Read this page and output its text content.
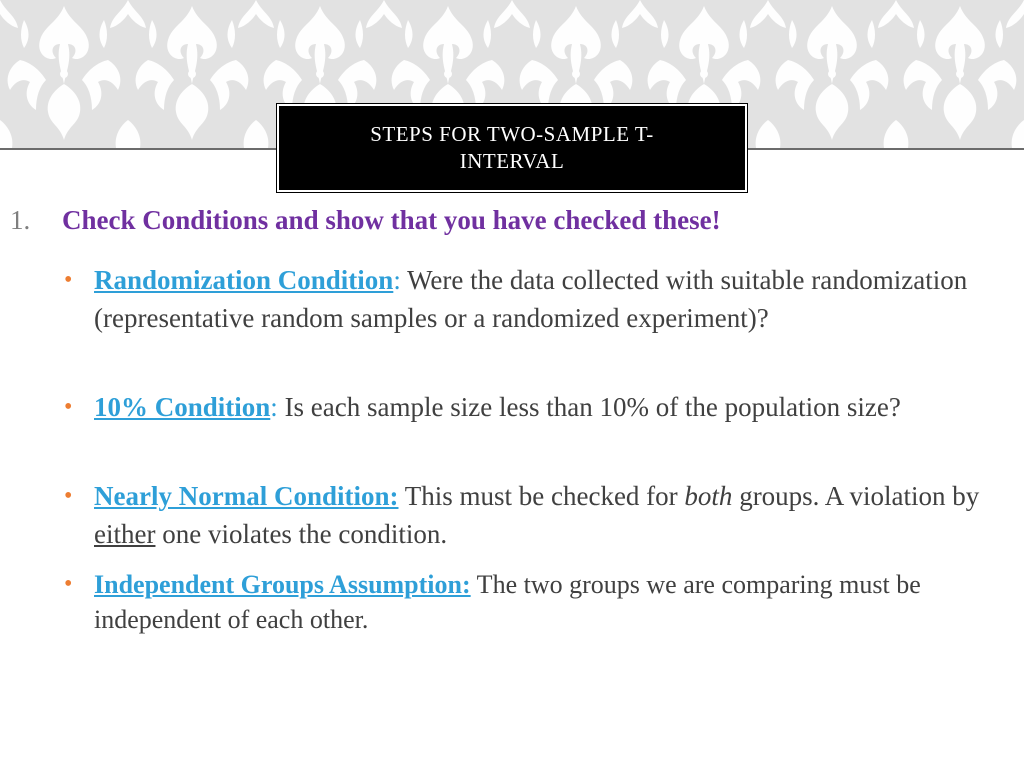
STEPS FOR TWO-SAMPLE T-INTERVAL
1. Check Conditions and show that you have checked these!
• Randomization Condition: Were the data collected with suitable randomization (representative random samples or a randomized experiment)?
• 10% Condition: Is each sample size less than 10% of the population size?
• Nearly Normal Condition: This must be checked for both groups. A violation by either one violates the condition.
• Independent Groups Assumption: The two groups we are comparing must be independent of each other.
